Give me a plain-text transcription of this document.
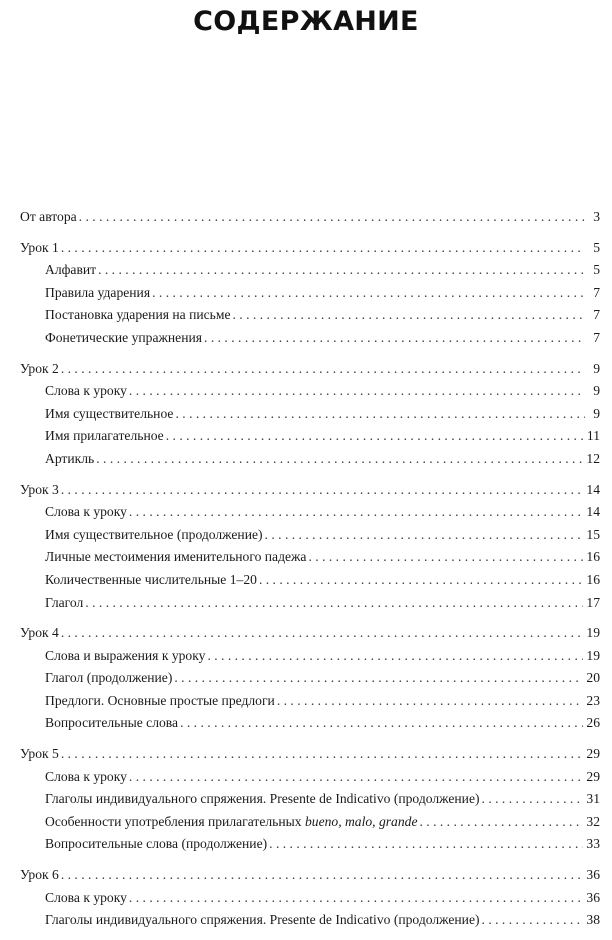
СОДЕРЖАНИЕ
От автора . . .	3
Урок 1 . . .	5
Алфавит . . .	5
Правила ударения . . .	7
Постановка ударения на письме . . .	7
Фонетические упражнения . . .	7
Урок 2 . . .	9
Слова к уроку . . .	9
Имя существительное . . .	9
Имя прилагательное . . .	11
Артикль . . .	12
Урок 3 . . .	14
Слова к уроку . . .	14
Имя существительное (продолжение) . . .	15
Личные местоимения именительного падежа . . .	16
Количественные числительные 1–20 . . .	16
Глагол . . .	17
Урок 4 . . .	19
Слова и выражения к уроку . . .	19
Глагол (продолжение) . . .	20
Предлоги. Основные простые предлоги . . .	23
Вопросительные слова . . .	26
Урок 5 . . .	29
Слова к уроку . . .	29
Глаголы индивидуального спряжения. Presente de Indicativo (продолжение) . . .	31
Особенности употребления прилагательных bueno, malo, grande . . .	32
Вопросительные слова (продолжение) . . .	33
Урок 6 . . .	36
Слова к уроку . . .	36
Глаголы индивидуального спряжения. Presente de Indicativo (продолжение) . . .	38
